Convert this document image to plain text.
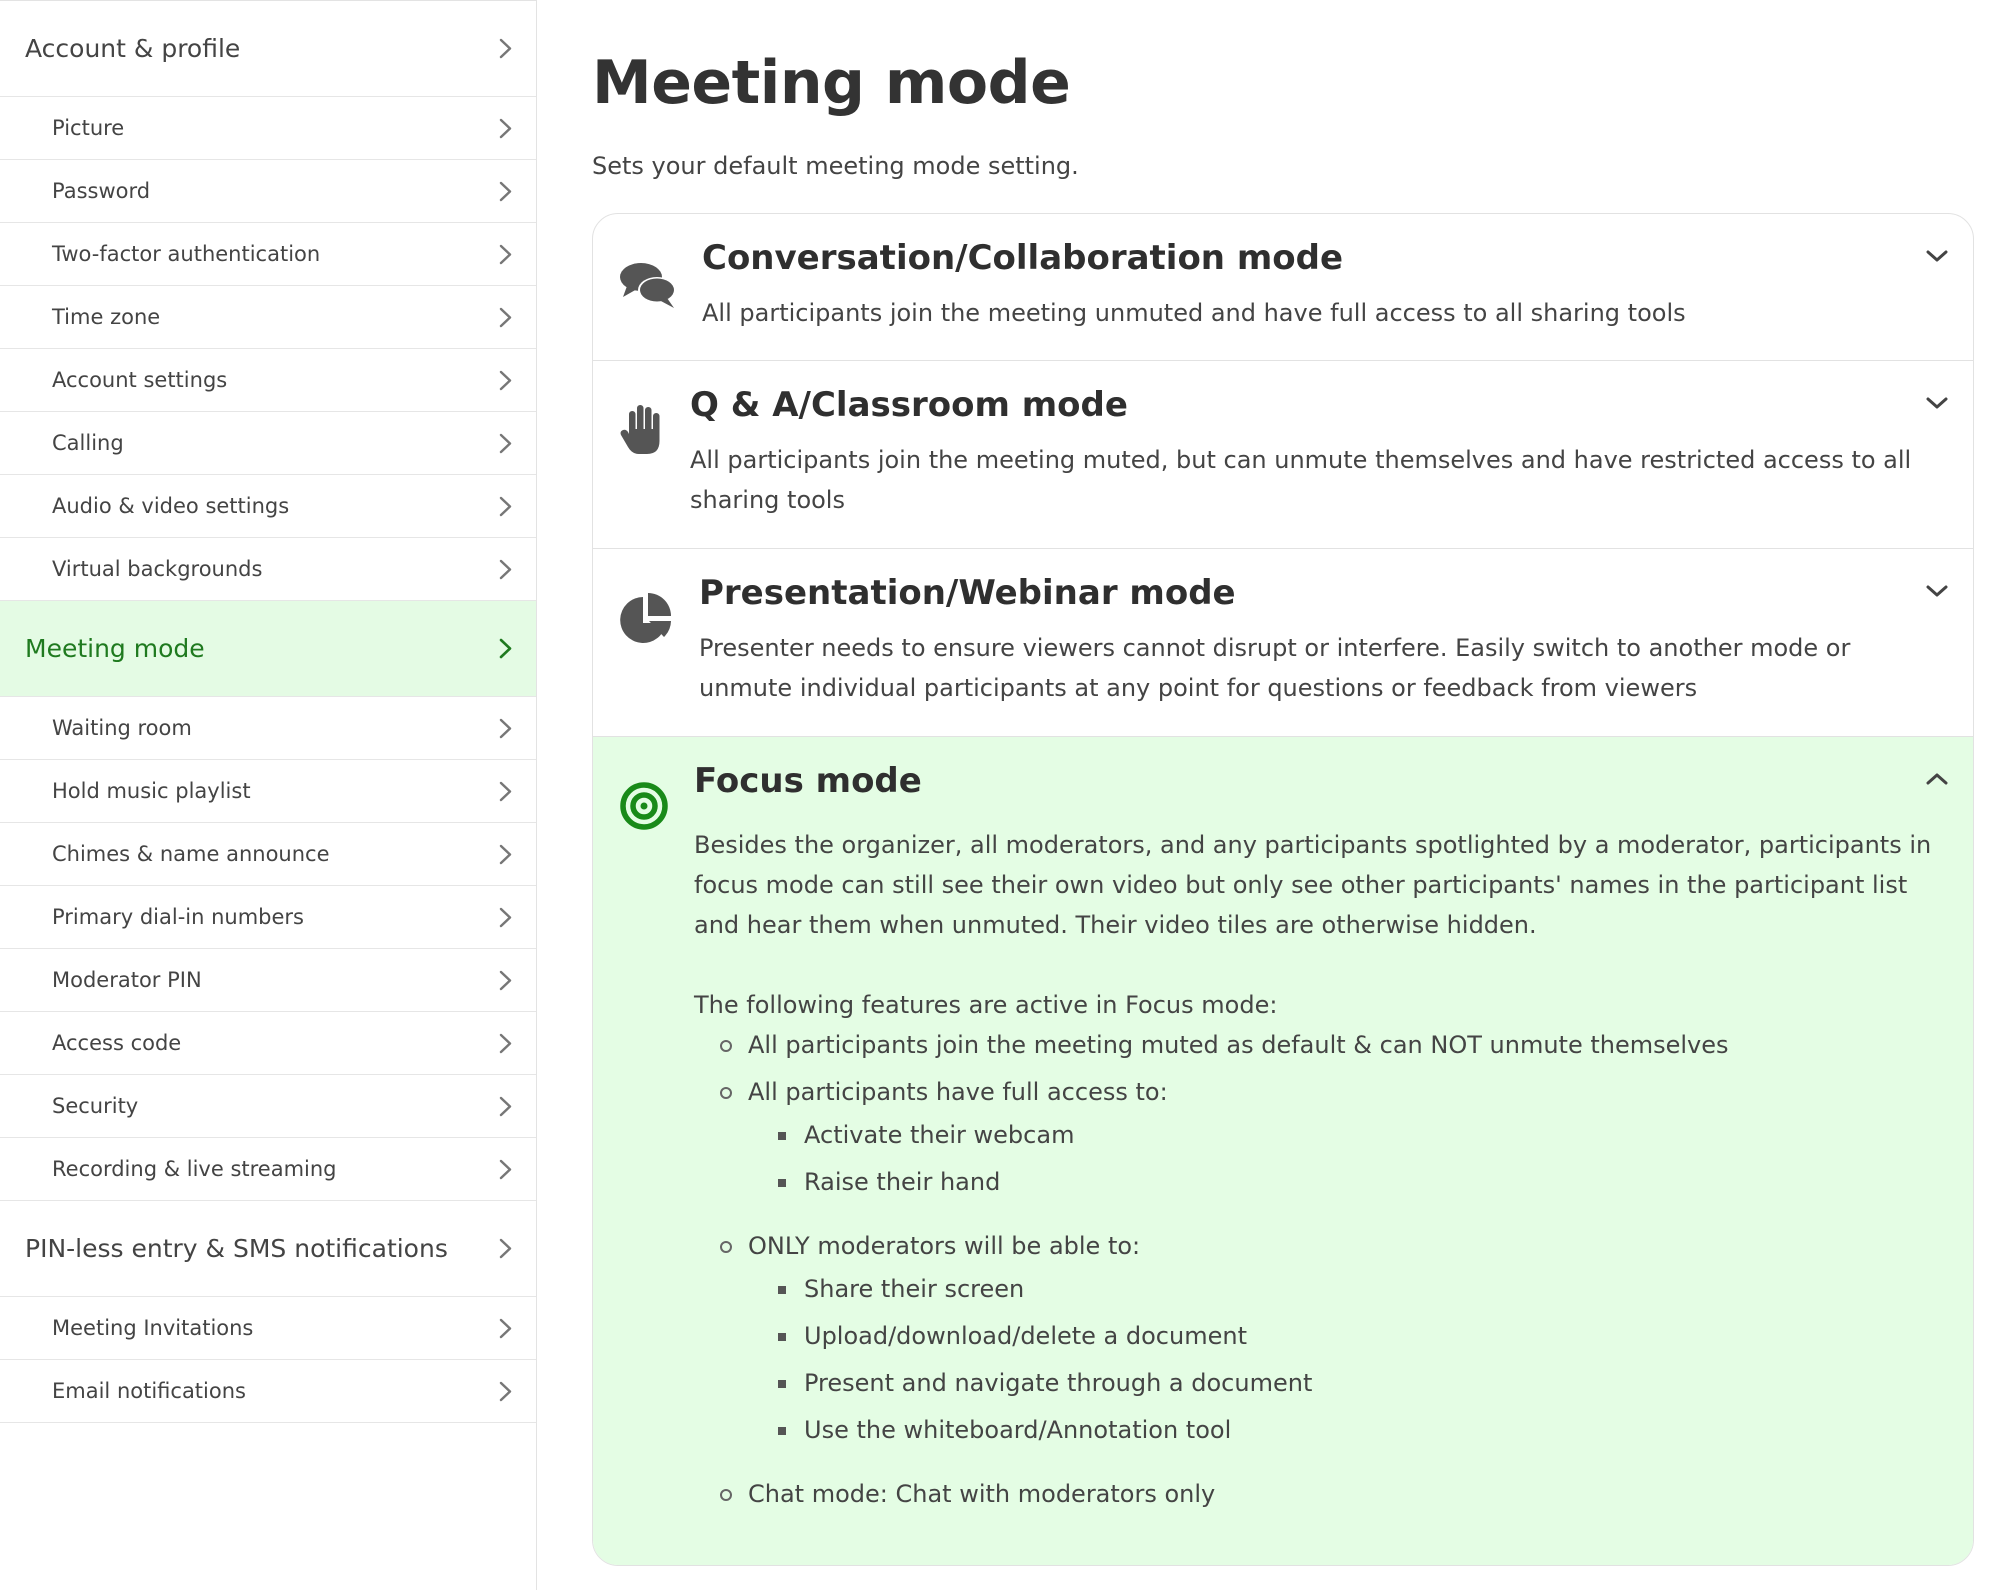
Account & profile
Picture
Password
Two-factor authentication
Time zone
Account settings
Calling
Audio & video settings
Virtual backgrounds
Meeting mode
Waiting room
Hold music playlist
Chimes & name announce
Primary dial-in numbers
Moderator PIN
Access code
Security
Recording & live streaming
PIN-less entry & SMS notifications
Meeting Invitations
Email notifications
Meeting mode

Sets your default meeting mode setting.

Conversation/Collaboration mode
All participants join the meeting unmuted and have full access to all sharing tools
Q & A/Classroom mode
All participants join the meeting muted, but can unmute themselves and have restricted access to all sharing tools
Presentation/Webinar mode
Presenter needs to ensure viewers cannot disrupt or interfere. Easily switch to another mode or unmute individual participants at any point for questions or feedback from viewers
Focus mode

Besides the organizer, all moderators, and any participants spotlighted by a moderator, participants in focus mode can still see their own video but only see other participants' names in the participant list and hear them when unmuted. Their video tiles are otherwise hidden.

The following features are active in Focus mode:

All participants join the meeting muted as default & can NOT unmute themselves
All participants have full access to:
Activate their webcam
Raise their hand
ONLY moderators will be able to:
Share their screen
Upload/download/delete a document
Present and navigate through a document
Use the whiteboard/Annotation tool
Chat mode: Chat with moderators only
